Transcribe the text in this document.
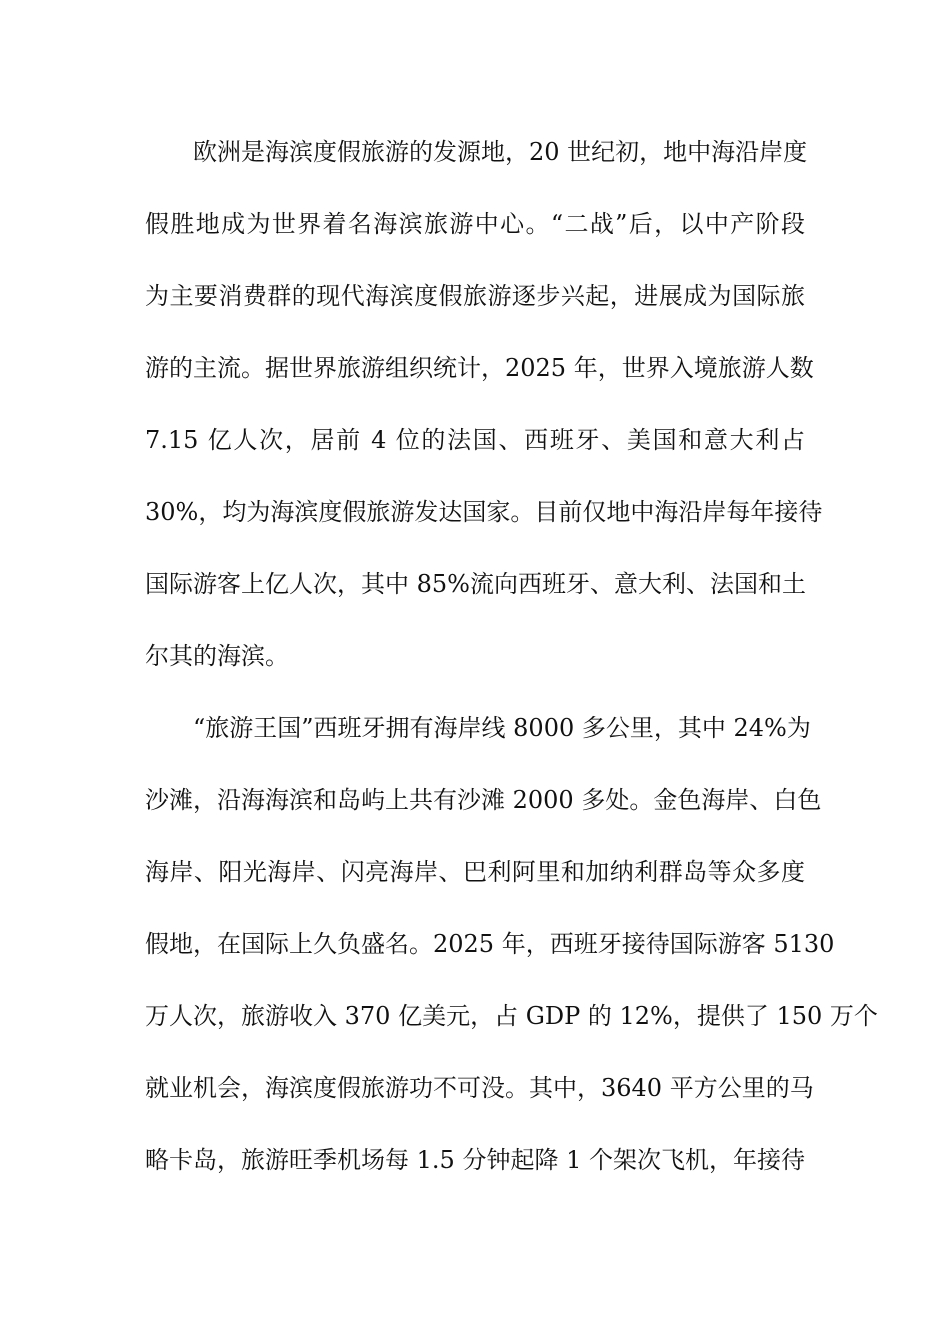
欧洲是海滨度假旅游的发源地，20 世纪初，地中海沿岸度
假胜地成为世界着名海滨旅游中心。“二战”后，以中产阶段
为主要消费群的现代海滨度假旅游逐步兴起，进展成为国际旅
游的主流。据世界旅游组织统计，2025 年，世界入境旅游人数
7.15 亿人次，居前 4 位的法国、西班牙、美国和意大利占
30%，均为海滨度假旅游发达国家。目前仅地中海沿岸每年接待
国际游客上亿人次，其中 85%流向西班牙、意大利、法国和土
尔其的海滨。
“旅游王国”西班牙拥有海岸线 8000 多公里，其中 24%为
沙滩，沿海海滨和岛屿上共有沙滩 2000 多处。金色海岸、白色
海岸、阳光海岸、闪亮海岸、巴利阿里和加纳利群岛等众多度
假地，在国际上久负盛名。2025 年，西班牙接待国际游客 5130
万人次，旅游收入 370 亿美元，占 GDP 的 12%，提供了 150 万个
就业机会，海滨度假旅游功不可没。其中，3640 平方公里的马
略卡岛，旅游旺季机场每 1.5 分钟起降 1 个架次飞机，年接待
